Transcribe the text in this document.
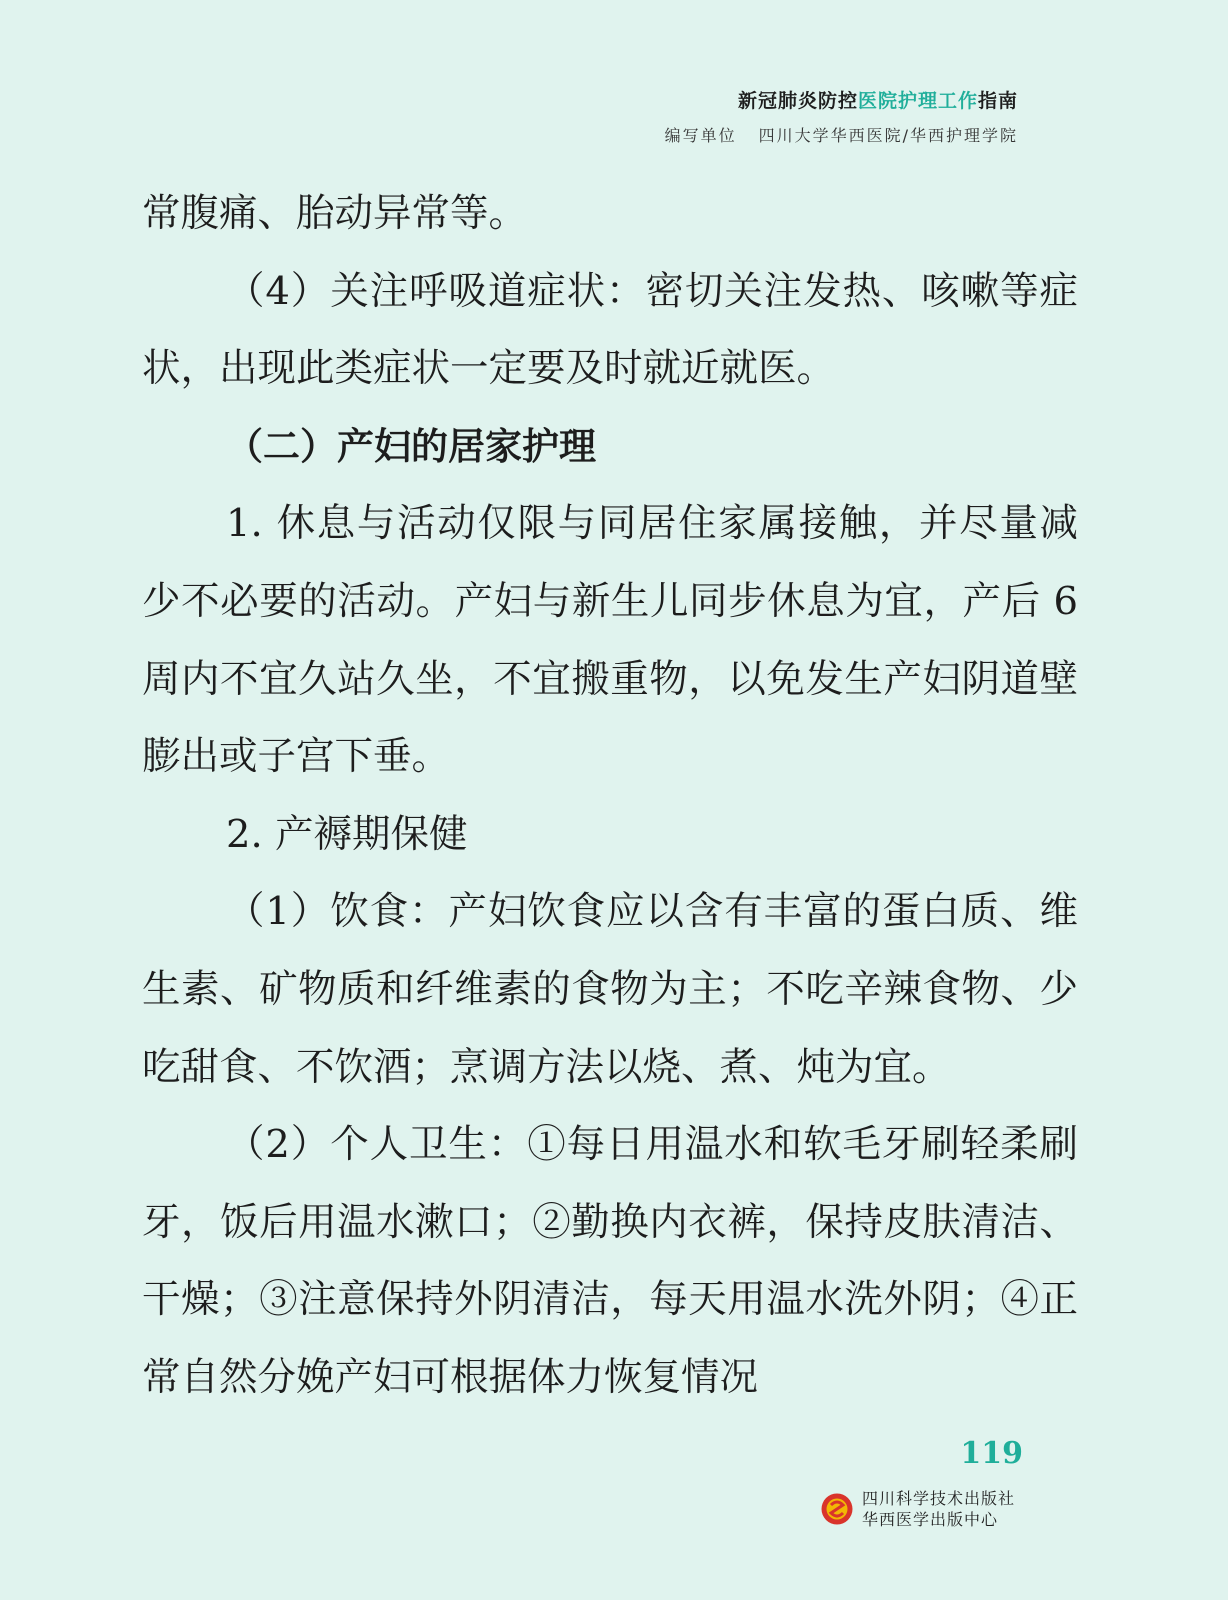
新冠肺炎防控医院护理工作指南
编写单位 四川大学华西医院/华西护理学院

常腹痛、胎动异常等。

（4）关注呼吸道症状：密切关注发热、咳嗽等症状，出现此类症状一定要及时就近就医。

（二）产妇的居家护理

1. 休息与活动仅限与同居住家属接触，并尽量减少不必要的活动。产妇与新生儿同步休息为宜，产后 6 周内不宜久站久坐，不宜搬重物，以免发生产妇阴道壁膨出或子宫下垂。

2. 产褥期保健

（1）饮食：产妇饮食应以含有丰富的蛋白质、维生素、矿物质和纤维素的食物为主；不吃辛辣食物、少吃甜食、不饮酒；烹调方法以烧、煮、炖为宜。

（2）个人卫生：①每日用温水和软毛牙刷轻柔刷牙，饭后用温水漱口；②勤换内衣裤，保持皮肤清洁、干燥；③注意保持外阴清洁，每天用温水洗外阴；④正常自然分娩产妇可根据体力恢复情况

119
四川科学技术出版社
华西医学出版中心
